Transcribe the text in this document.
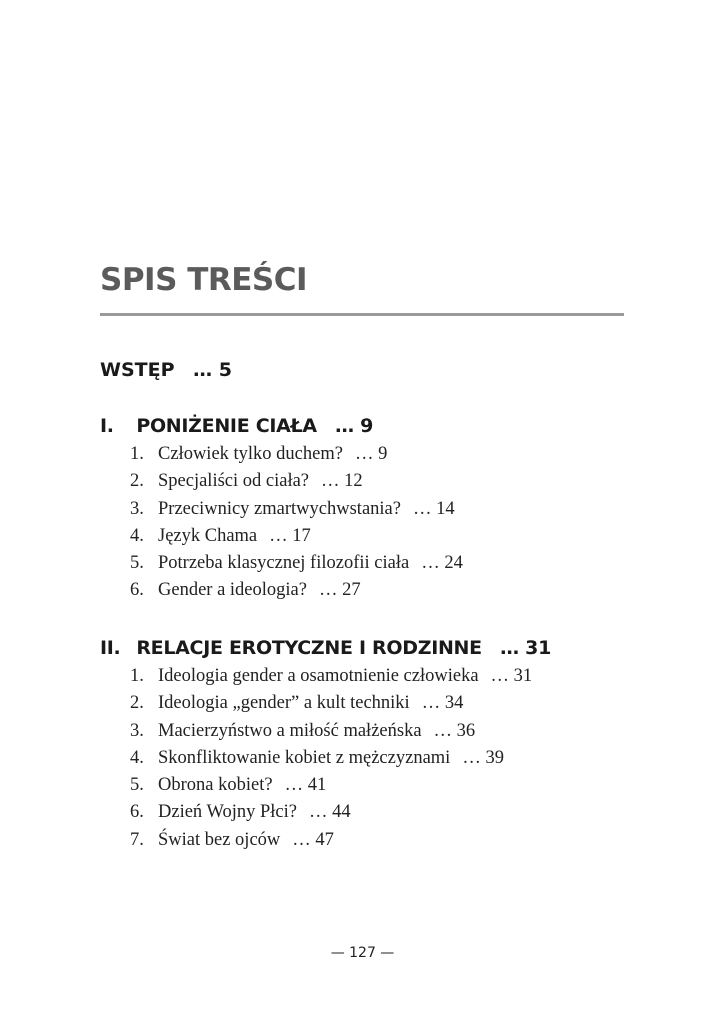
SPIS TREŚCI
WSTĘP … 5
I. PONIŻENIE CIAŁA … 9
1. Człowiek tylko duchem? … 9
2. Specjaliści od ciała? … 12
3. Przeciwnicy zmartwychwstania? … 14
4. Język Chama … 17
5. Potrzeba klasycznej filozofii ciała … 24
6. Gender a ideologia? … 27
II. RELACJE EROTYCZNE I RODZINNE … 31
1. Ideologia gender a osamotnienie człowieka … 31
2. Ideologia „gender” a kult techniki … 34
3. Macierzyństwo a miłość małżeńska … 36
4. Skonfliktowanie kobiet z mężczyznami … 39
5. Obrona kobiet? … 41
6. Dzień Wojny Płci? … 44
7. Świat bez ojców … 47
— 127 —
